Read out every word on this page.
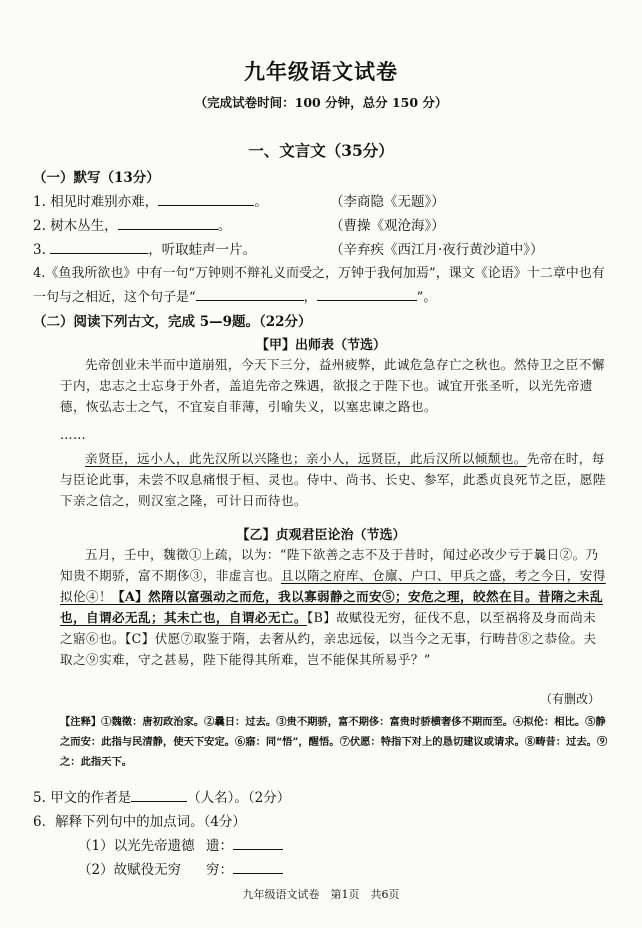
九年级语文试卷
（完成试卷时间：100 分钟，总分 150 分）
一、文言文（35分）
（一）默写（13分）
1. 相见时难别亦难，	。	（李商隐《无题》）
2. 树木丛生，	。	（曹操《观沧海》）
3.	，听取蛙声一片。	（辛弃疾《西江月·夜行黄沙道中》）
4.《鱼我所欲也》中有一句“万钟则不辩礼义而受之，万钟于我何加焉”，课文《论语》十二章中也有
一句与之相近，这个句子是“	，	”。
（二）阅读下列古文，完成 5—9题。（22分）
【甲】出师表（节选）
先帝创业未半而中道崩殂，今天下三分，益州疲弊，此诚危急存亡之秋也。然侍卫之臣不懈于内，忠志之士忘身于外者，盖追先帝之殊遇，欲报之于陛下也。诚宜开张圣听，以光先帝遗德，恢弘志士之气，不宜妄自菲薄，引喻失义，以塞忠谏之路也。
……
亲贤臣，远小人，此先汉所以兴隆也；亲小人，远贤臣，此后汉所以倾颓也。先帝在时，每与臣论此事，未尝不叹息痛恨于桓、灵也。侍中、尚书、长史、参军，此悉贞良死节之臣，愿陛下亲之信之，则汉室之隆，可计日而待也。
【乙】贞观君臣论治（节选）
五月，壬中，魏徵①上疏，以为：“陛下欲善之志不及于昔时，闻过必改少亏于曩日②。乃知贵不期骄，富不期侈③，非虚言也。且以隋之府库、仓廪、户口、甲兵之盛，考之今日，安得拟伦④！【A】然隋以富强动之而危，我以寡弱静之而安⑤；安危之理，皎然在目。昔隋之未乱也，自谓必无乱；其未亡也，自谓必无亡。【B】故赋役无穷，征伐不息，以至祸将及身而尚未之寤⑥也。【C】伏愿⑦取鉴于隋，去奢从约，亲忠远佞，以当今之无事，行畴昔⑧之恭俭。夫取之⑨实难，守之甚易，陛下能得其所难，岂不能保其所易乎？”
（有删改）
【注释】①魏徵：唐初政治家。②曩日：过去。③贵不期骄，富不期侈：富贵时骄横奢侈不期而至。④拟伦：相比。⑤静之而安：此指与民清静，使天下安定。⑥寤：同“悟”，醒悟。⑦伏愿：特指下对上的恳切建议或请求。⑧畴昔：过去。⑨之：此指天下。
5. 甲文的作者是	（人名）。（2分）
6．解释下列句中的加点词。（4分）
（1）以光先帝遗德 遗：
（2）故赋役无穷 穷：
九年级语文试卷　第1页　共6页
